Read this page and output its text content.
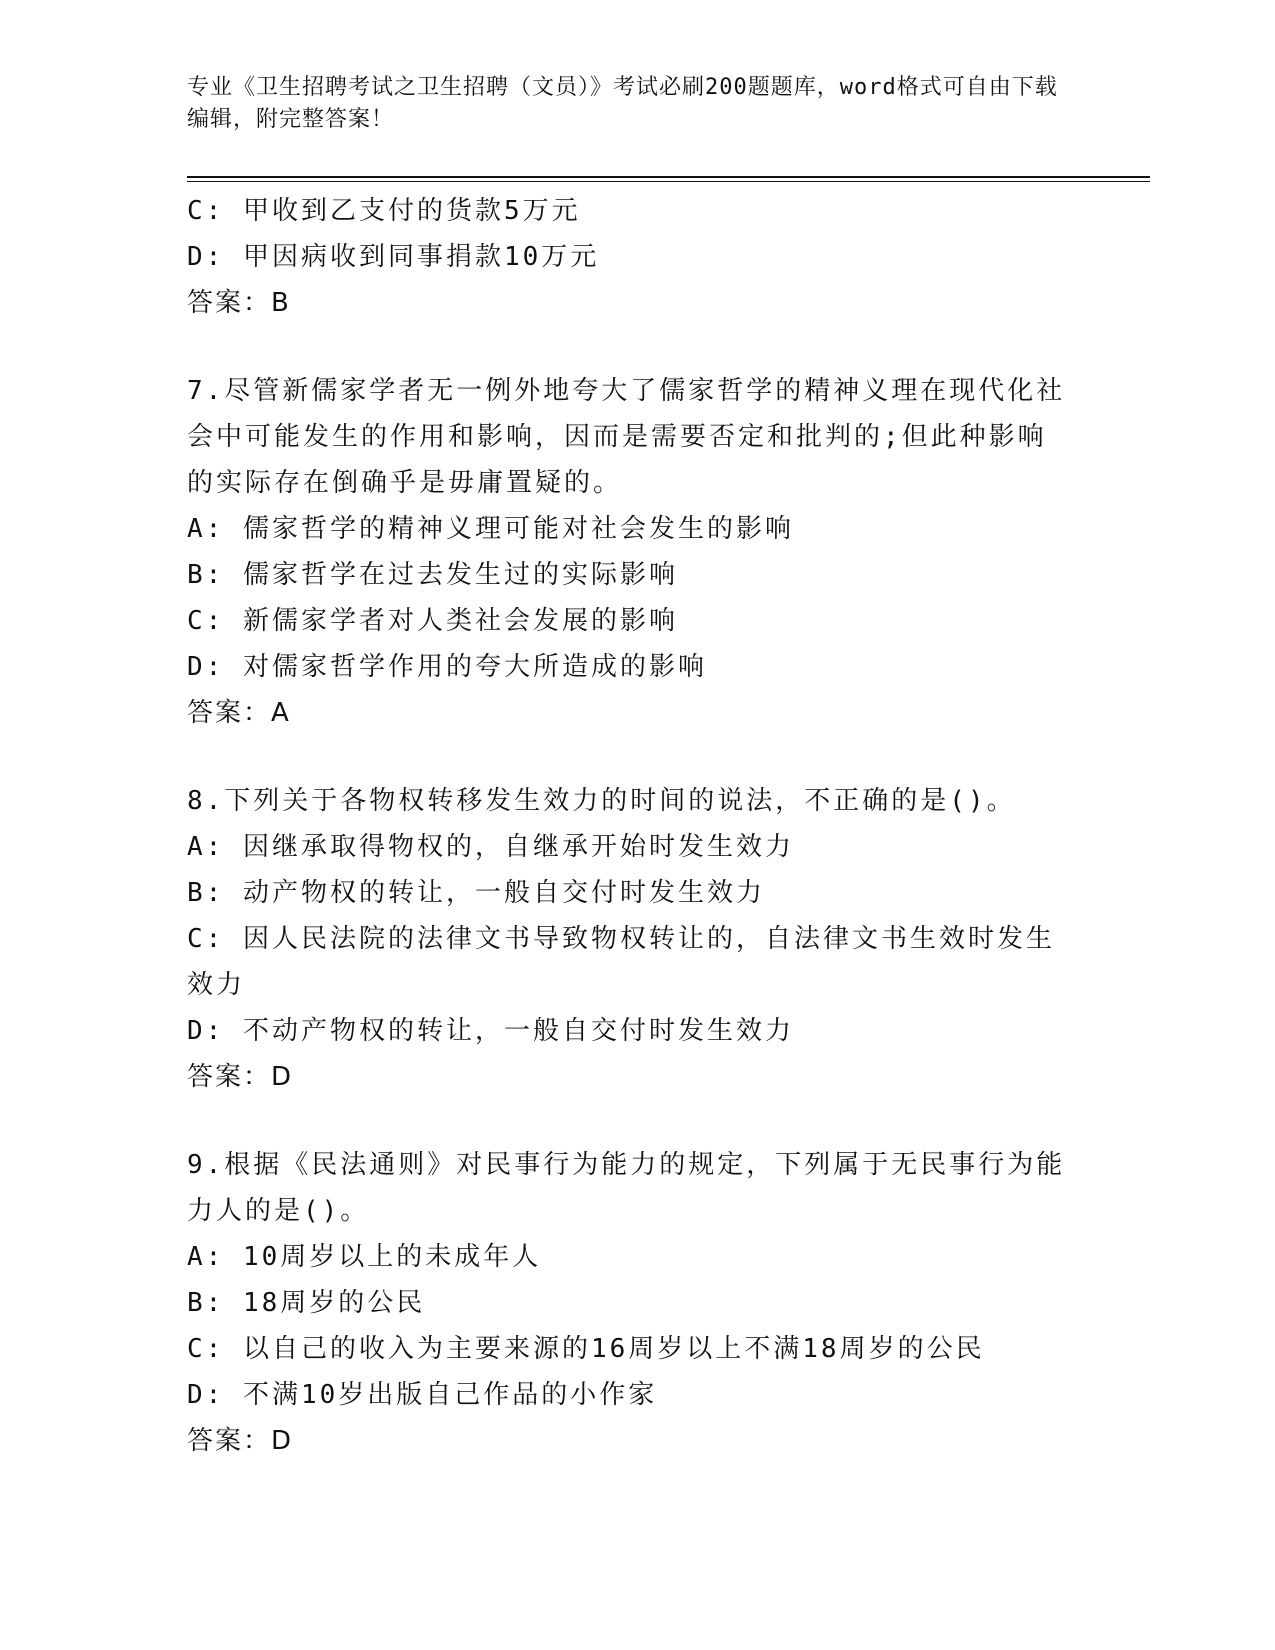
专业《卫生招聘考试之卫生招聘（文员）》考试必刷200题题库，word格式可自由下载编辑，附完整答案！
C: 甲收到乙支付的货款5万元
D: 甲因病收到同事捐款10万元
答案：B
7.尽管新儒家学者无一例外地夸大了儒家哲学的精神义理在现代化社会中可能发生的作用和影响，因而是需要否定和批判的;但此种影响的实际存在倒确乎是毋庸置疑的。
A: 儒家哲学的精神义理可能对社会发生的影响
B: 儒家哲学在过去发生过的实际影响
C: 新儒家学者对人类社会发展的影响
D: 对儒家哲学作用的夸大所造成的影响
答案：A
8.下列关于各物权转移发生效力的时间的说法，不正确的是()。
A: 因继承取得物权的，自继承开始时发生效力
B: 动产物权的转让，一般自交付时发生效力
C: 因人民法院的法律文书导致物权转让的，自法律文书生效时发生效力
D: 不动产物权的转让，一般自交付时发生效力
答案：D
9.根据《民法通则》对民事行为能力的规定，下列属于无民事行为能力人的是()。
A: 10周岁以上的未成年人
B: 18周岁的公民
C: 以自己的收入为主要来源的16周岁以上不满18周岁的公民
D: 不满10岁出版自己作品的小作家
答案：D
